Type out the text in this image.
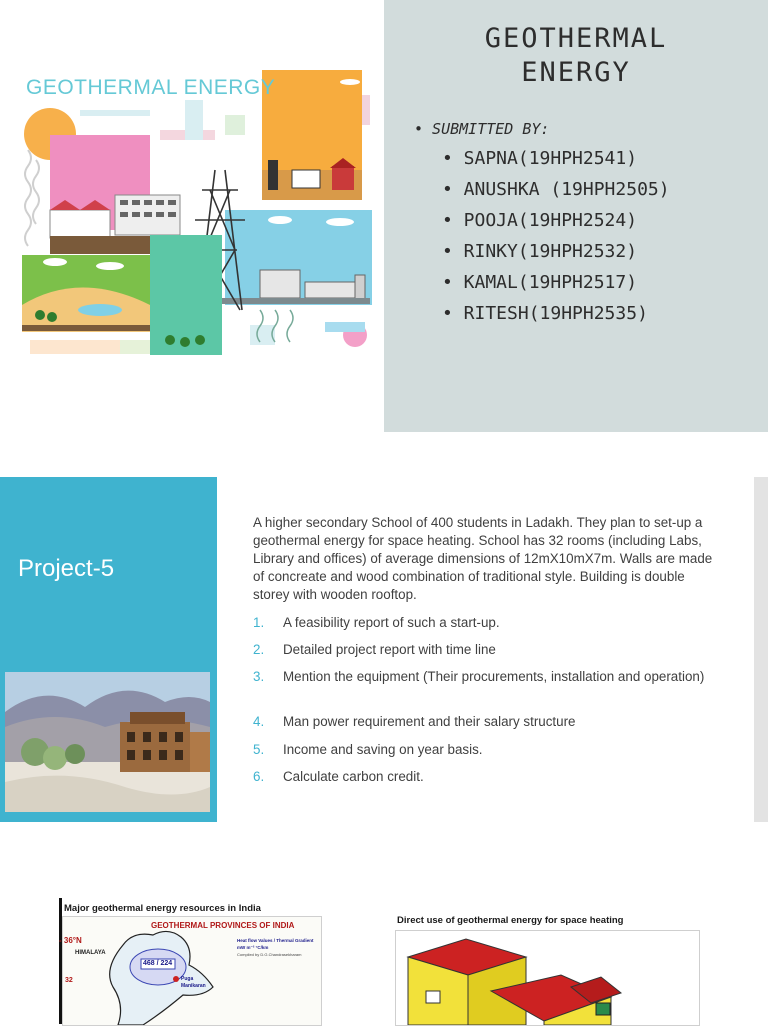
GEOTHERMAL ENERGY
GEOTHERMAL
ENERGY
• SUBMITTED BY:
• SAPNA(19HPH2541)
• ANUSHKA (19HPH2505)
• POOJA(19HPH2524)
• RINKY(19HPH2532)
• KAMAL(19HPH2517)
• RITESH(19HPH2535)
Project-5
A higher secondary School of 400 students in Ladakh. They plan to set-up a geothermal energy for space heating. School has 32 rooms (including Labs, Library and offices) of average dimensions of 12mX10mX7m. Walls are made of concreate and wood combination of traditional style. Building is double storey with wooden rooftop.
1. A feasibility report of such a start-up.
2. Detailed project report with time line
3. Mention the equipment (Their procurements, installation and operation)
4. Man power requirement and their salary structure
5. Income and saving on year basis.
6. Calculate carbon credit.
Major geothermal energy resources in India
GEOTHERMAL PROVINCES OF INDIA
- 36°N
HIMALAYA
32
Heat flow Values / Thermal Gradient
mW m⁻² °C/km
Compiled by D.G.Chandrasekharam
468 / 224
Puga
Manikaran
Direct use of geothermal energy for space heating
